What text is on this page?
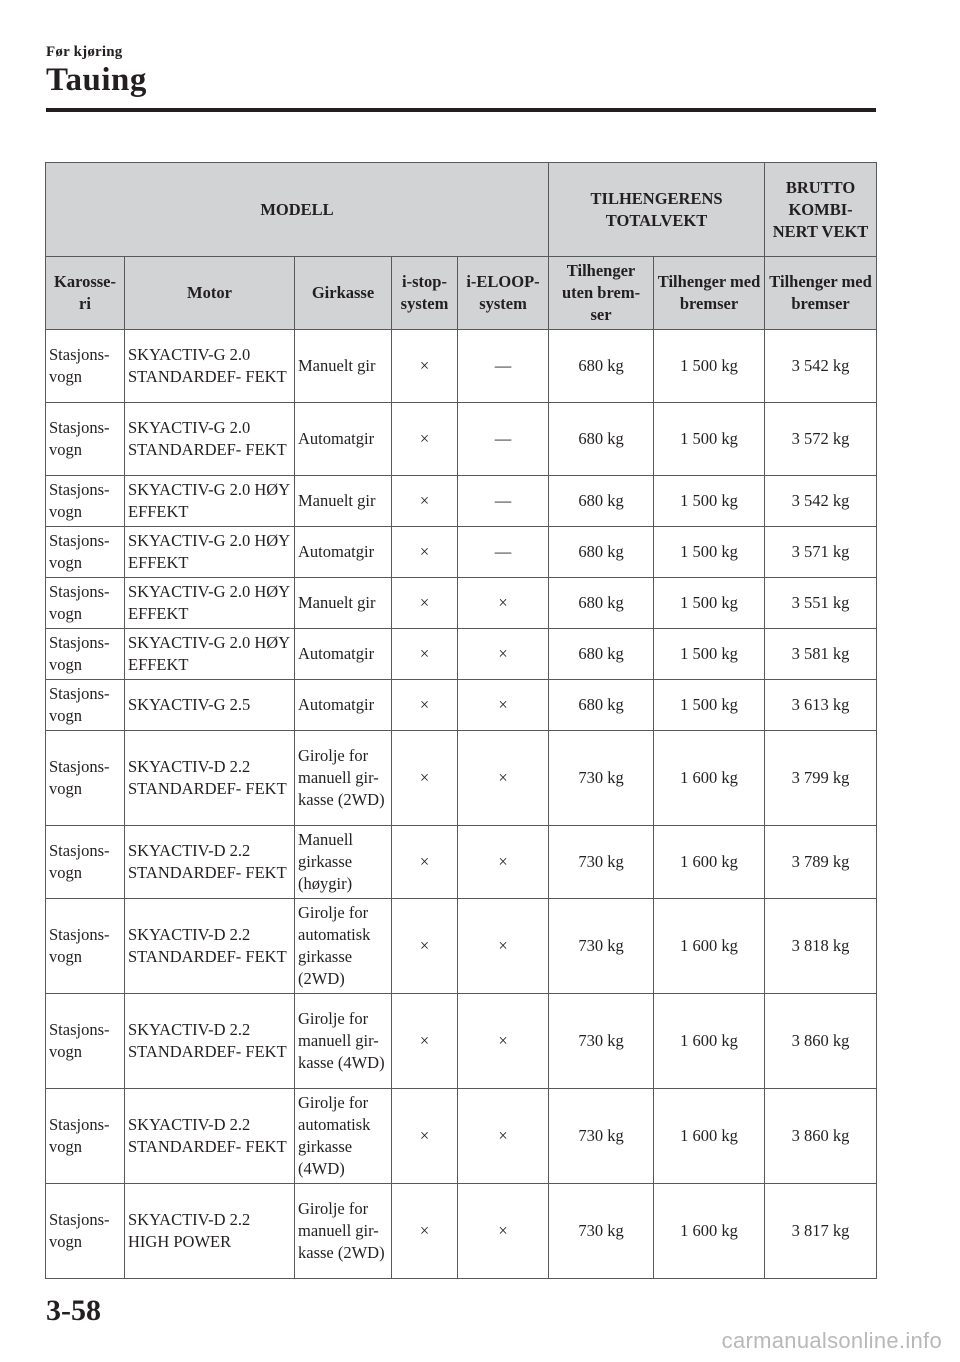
Før kjøring
Tauing
MODELL					TILHENGERENS TOTALVEKT		BRUTTO KOMBI- NERT VEKT
Karosse- ri	Motor	Girkasse	i-stop- system	i-ELOOP- system	Tilhenger uten brem- ser	Tilhenger med bremser	Tilhenger med bremser
Stasjons- vogn	SKYACTIV-G 2.0 STANDARDEF- FEKT	Manuelt gir	×	—	680 kg	1 500 kg	3 542 kg
Stasjons- vogn	SKYACTIV-G 2.0 STANDARDEF- FEKT	Automatgir	×	—	680 kg	1 500 kg	3 572 kg
Stasjons- vogn	SKYACTIV-G 2.0 HØY EFFEKT	Manuelt gir	×	—	680 kg	1 500 kg	3 542 kg
Stasjons- vogn	SKYACTIV-G 2.0 HØY EFFEKT	Automatgir	×	—	680 kg	1 500 kg	3 571 kg
Stasjons- vogn	SKYACTIV-G 2.0 HØY EFFEKT	Manuelt gir	×	×	680 kg	1 500 kg	3 551 kg
Stasjons- vogn	SKYACTIV-G 2.0 HØY EFFEKT	Automatgir	×	×	680 kg	1 500 kg	3 581 kg
Stasjons- vogn	SKYACTIV-G 2.5	Automatgir	×	×	680 kg	1 500 kg	3 613 kg
Stasjons- vogn	SKYACTIV-D 2.2 STANDARDEF- FEKT	Girolje for manuell gir- kasse (2WD)	×	×	730 kg	1 600 kg	3 799 kg
Stasjons- vogn	SKYACTIV-D 2.2 STANDARDEF- FEKT	Manuell girkasse (høygir)	×	×	730 kg	1 600 kg	3 789 kg
Stasjons- vogn	SKYACTIV-D 2.2 STANDARDEF- FEKT	Girolje for automatisk girkasse (2WD)	×	×	730 kg	1 600 kg	3 818 kg
Stasjons- vogn	SKYACTIV-D 2.2 STANDARDEF- FEKT	Girolje for manuell gir- kasse (4WD)	×	×	730 kg	1 600 kg	3 860 kg
Stasjons- vogn	SKYACTIV-D 2.2 STANDARDEF- FEKT	Girolje for automatisk girkasse (4WD)	×	×	730 kg	1 600 kg	3 860 kg
Stasjons- vogn	SKYACTIV-D 2.2 HIGH POWER	Girolje for manuell gir- kasse (2WD)	×	×	730 kg	1 600 kg	3 817 kg
3-58
carmanualsonline.info
